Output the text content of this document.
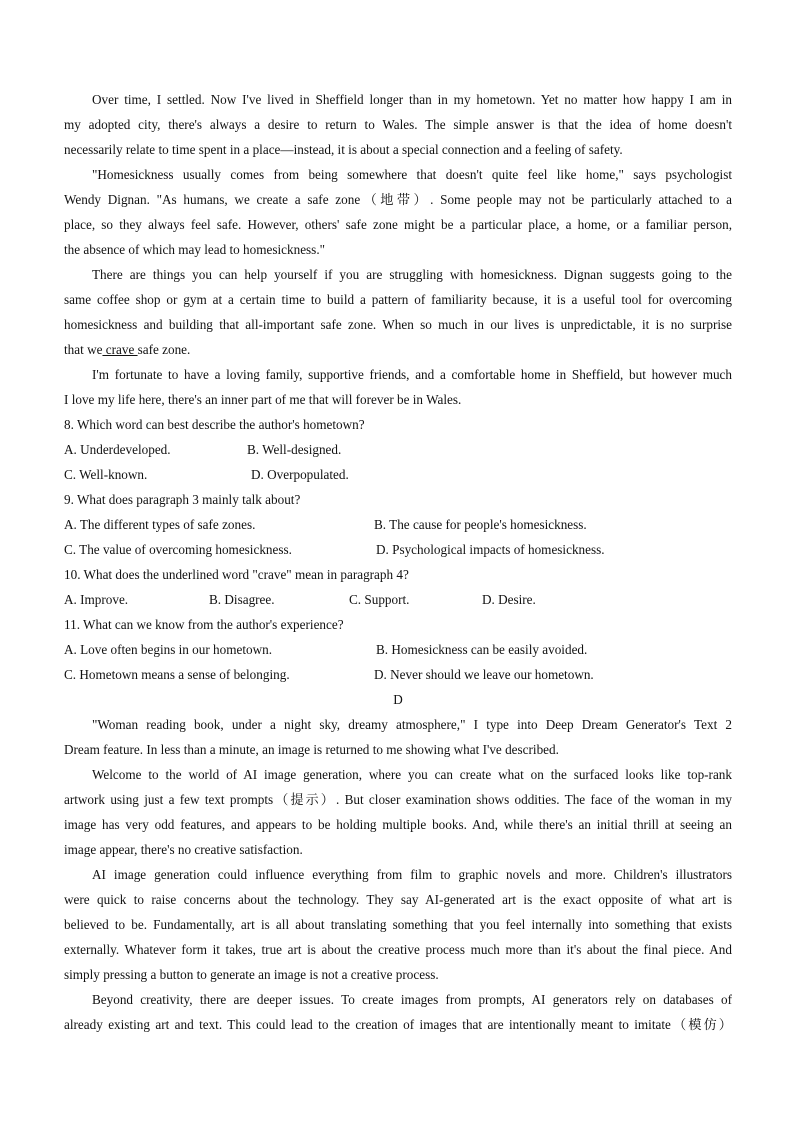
Over time, I settled. Now I've lived in Sheffield longer than in my hometown. Yet no matter how happy I am in
my adopted city, there's always a desire to return to Wales. The simple answer is that the idea of home doesn't
necessarily relate to time spent in a place—instead, it is about a special connection and a feeling of safety.
"Homesickness usually comes from being somewhere that doesn't quite feel like home," says psychologist
Wendy Dignan. "As humans, we create a safe zone（地带）. Some people may not be particularly attached to a
place, so they always feel safe. However, others' safe zone might be a particular place, a home, or a familiar person,
the absence of which may lead to homesickness."
There are things you can help yourself if you are struggling with homesickness. Dignan suggests going to the
same coffee shop or gym at a certain time to build a pattern of familiarity because, it is a useful tool for overcoming
homesickness and building that all-important safe zone. When so much in our lives is unpredictable, it is no surprise
that we crave safe zone.
I'm fortunate to have a loving family, supportive friends, and a comfortable home in Sheffield, but however much
I love my life here, there's an inner part of me that will forever be in Wales.
8. Which word can best describe the author's hometown?
A. Underdeveloped.	B. Well-designed.
C. Well-known.	D. Overpopulated.
9. What does paragraph 3 mainly talk about?
A. The different types of safe zones.	B. The cause for people's homesickness.
C. The value of overcoming homesickness.	D. Psychological impacts of homesickness.
10. What does the underlined word "crave" mean in paragraph 4?
A. Improve.	B. Disagree.	C. Support.	D. Desire.
11. What can we know from the author's experience?
A. Love often begins in our hometown.	B. Homesickness can be easily avoided.
C. Hometown means a sense of belonging.	D. Never should we leave our hometown.
D
"Woman reading book, under a night sky, dreamy atmosphere," I type into Deep Dream Generator's Text 2
Dream feature. In less than a minute, an image is returned to me showing what I've described.
Welcome to the world of AI image generation, where you can create what on the surfaced looks like top-rank
artwork using just a few text prompts（提示）. But closer examination shows oddities. The face of the woman in my
image has very odd features, and appears to be holding multiple books. And, while there's an initial thrill at seeing an
image appear, there's no creative satisfaction.
AI image generation could influence everything from film to graphic novels and more. Children's illustrators
were quick to raise concerns about the technology. They say AI-generated art is the exact opposite of what art is
believed to be. Fundamentally, art is all about translating something that you feel internally into something that exists
externally. Whatever form it takes, true art is about the creative process much more than it's about the final piece. And
simply pressing a button to generate an image is not a creative process.
Beyond creativity, there are deeper issues. To create images from prompts, AI generators rely on databases of
already existing art and text. This could lead to the creation of images that are intentionally meant to imitate（模仿）
